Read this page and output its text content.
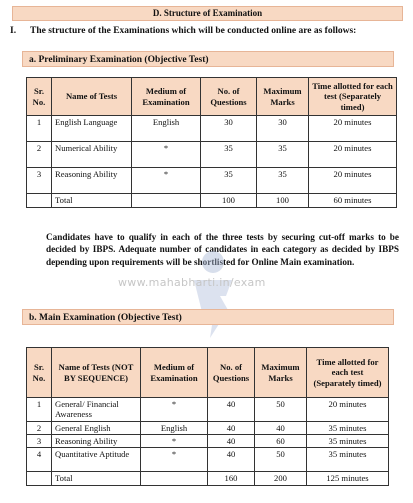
D. Structure of Examination
I. The structure of the Examinations which will be conducted online are as follows:
a. Preliminary Examination (Objective Test)
Sr. No.	Name of Tests	Medium of Examination	No. of Questions	Maximum Marks	Time allotted for each test (Separately timed)
1	English Language	English	30	30	20 minutes
2	Numerical Ability	*	35	35	20 minutes
3	Reasoning Ability	*	35	35	20 minutes
	Total		100	100	60 minutes
Candidates have to qualify in each of the three tests by securing cut-off marks to be decided by IBPS. Adequate number of candidates in each category as decided by IBPS depending upon requirements will be shortlisted for Online Main examination.
www.mahabharti.in/exam
b. Main Examination (Objective Test)
Sr. No.	Name of Tests (NOT BY SEQUENCE)	Medium of Examination	No. of Questions	Maximum Marks	Time allotted for each test (Separately timed)
1	General/ Financial Awareness	*	40	50	20 minutes
2	General English	English	40	40	35 minutes
3	Reasoning Ability	*	40	60	35 minutes
4	Quantitative Aptitude	*	40	50	35 minutes
	Total		160	200	125 minutes
